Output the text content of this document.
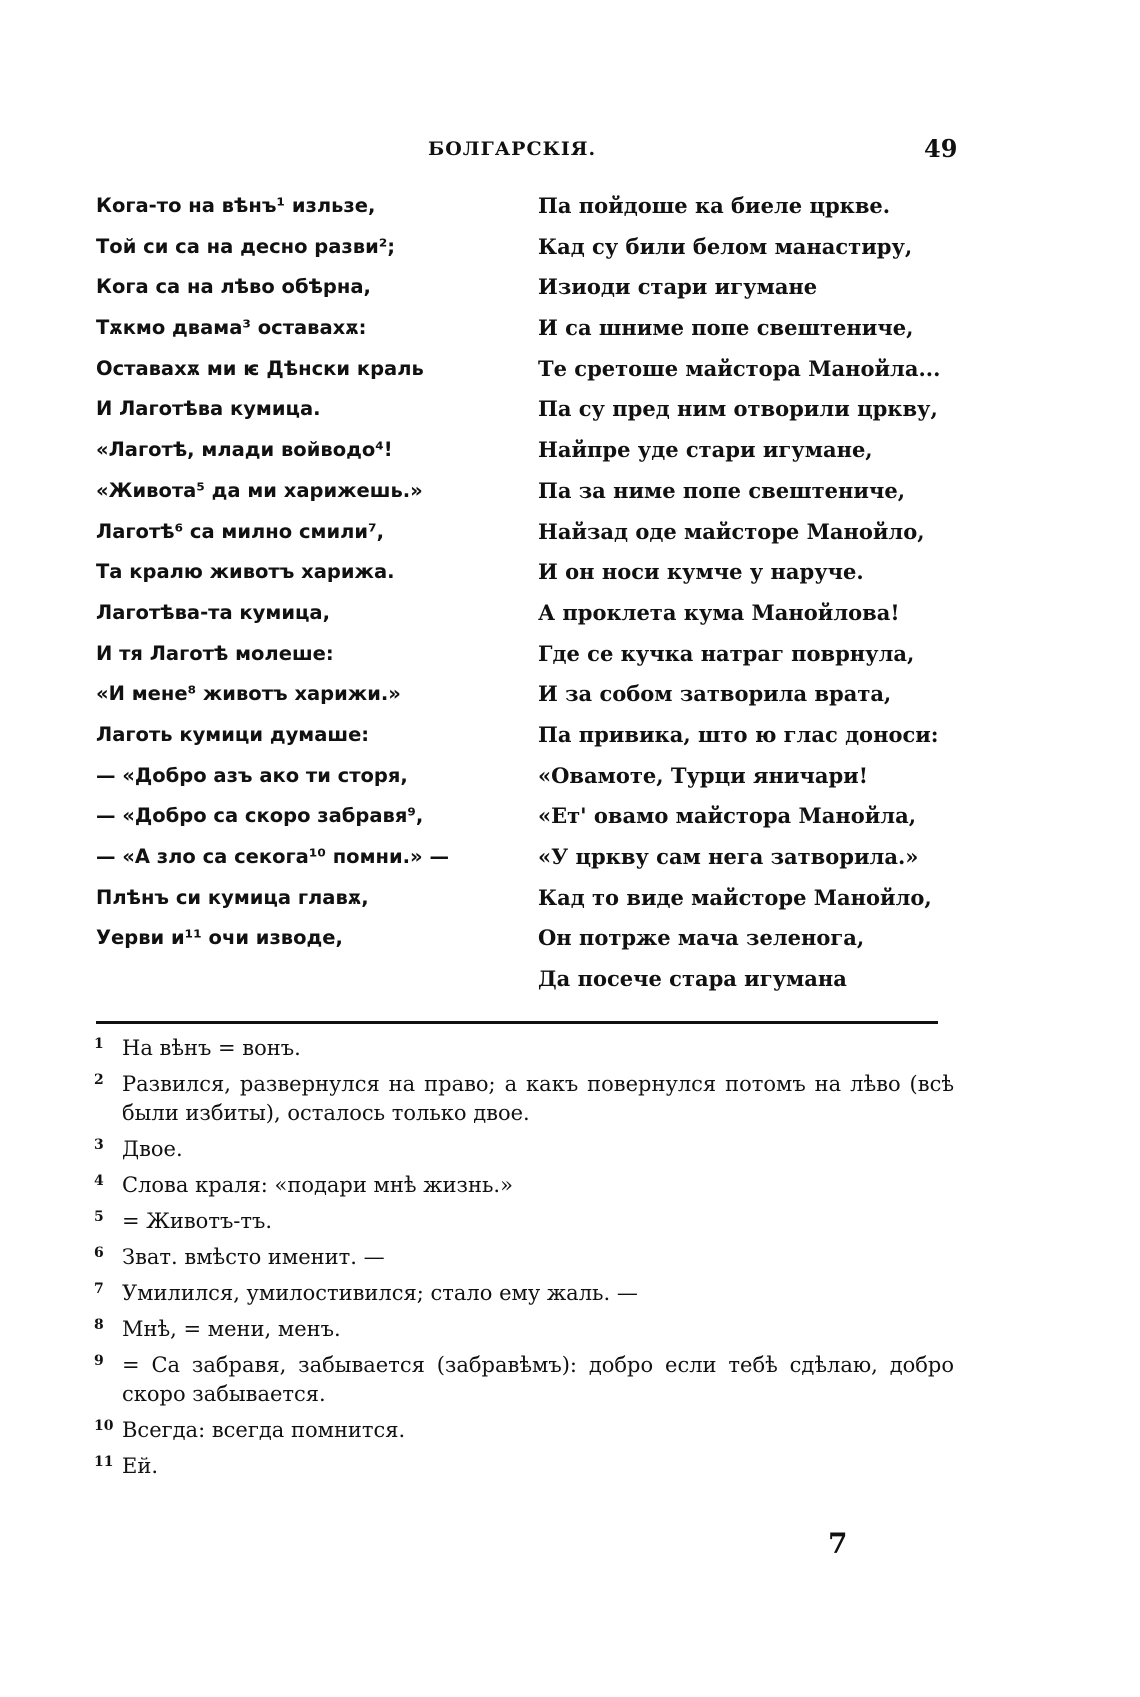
БОЛГАРСКІЯ.	49
Кога-то на вѣнъ¹ изльзе,
Той си са на десно разви²;
Кога са на лѣво обѣрна,
Тѫкмо двама³ оставахѫ:
Оставахѫ ми ѥ Дѣнски краль
И Лаготѣва кумица.
«Лаготѣ, млади войводо⁴!
«Живота⁵ да ми харижешь.»
Лаготѣ⁶ са милно смили⁷,
Та кралю животъ харижа.
Лаготѣва-та кумица,
И тя Лаготѣ молеше:
«И мене⁸ животъ харижи.»
Лаготь кумици думаше:
— «Добро азъ ако ти сторя,
— «Добро са скоро забравя⁹,
— «А зло са секога¹⁰ помни.» —
Плѣнъ си кумица главѫ,
Уерви и¹¹ очи изводе,
Па пойдоше ка биеле цркве.
Кад су били белом манастиру,
Изиоди стари игумане
И са шниме попе свештениче,
Те сретоше майстора Манойла...
Па су пред ним отворили цркву,
Найпре уде стари игумане,
Па за ниме попе свештениче,
Найзад оде майсторе Манойло,
И он носи кумче у наруче.
А проклета кума Манойлова!
Где се кучка натраг повpнула,
И за собом затворила врата,
Па привика, што ю глас доноси:
«Овамоте, Турци яничари!
«Ет' овамо майстора Манойла,
«У цркву сам нега затворила.»
Кад то виде майсторе Манойло,
Он потрже мача зеленога,
Да посече стара игумана
1 На вѣнъ = вонъ.
2 Развился, развернулся на право; а какъ повернулся потомъ на лѣво (всѣ были избиты), осталось только двое.
3 Двое.
4 Слова краля: «подари мнѣ жизнь.»
5 = Животъ-тъ.
6 Зват. вмѣсто именит. —
7 Умилился, умилостивился; стало ему жаль. —
8 Мнѣ, = мени, менъ.
9 = Са забравя, забывается (забравѣмъ): добро если тебѣ сдѣлаю, добро скоро забывается.
10 Всегда: всегда помнится.
11 Ей.
7
